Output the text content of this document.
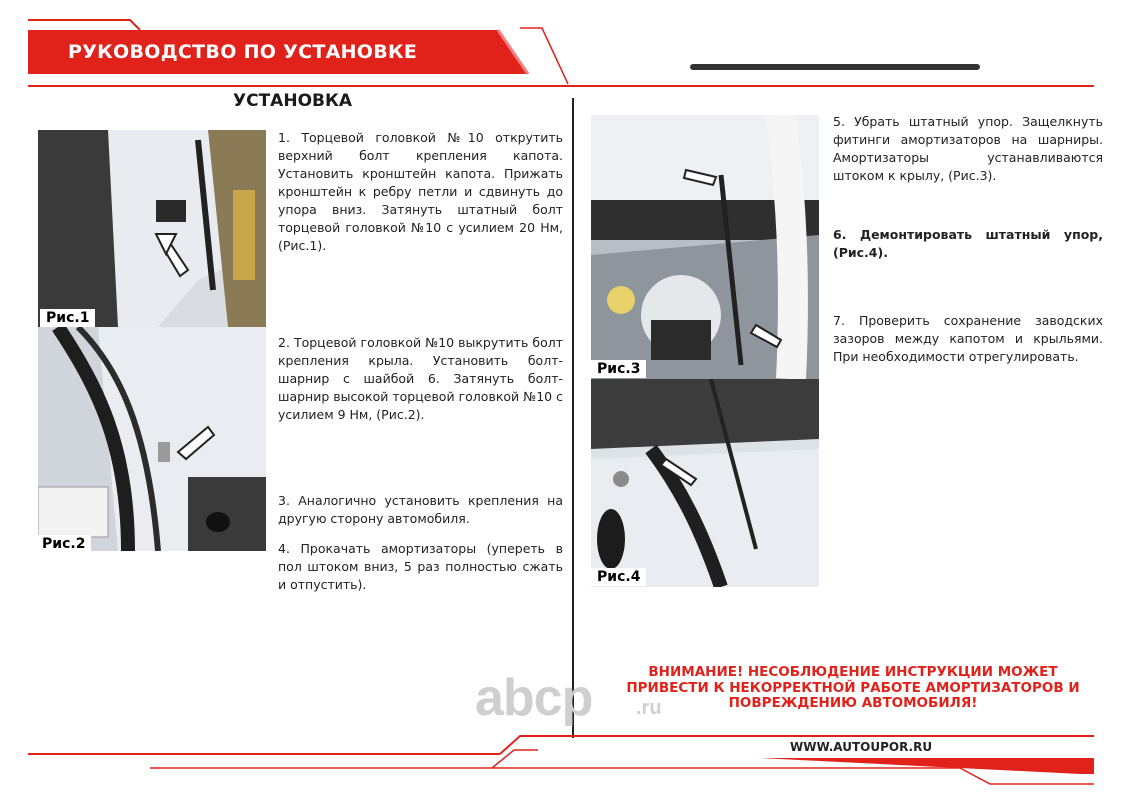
РУКОВОДСТВО ПО УСТАНОВКЕ
УСТАНОВКА
Рис.1
Рис.2
Рис.3
Рис.4
1. Торцевой головкой №10 открутить верхний болт крепления капота. Установить кронштейн капота. Прижать кронштейн к ребру петли и сдвинуть до упора вниз. Затянуть штатный болт торцевой головкой №10 с усилием 20 Нм, (Рис.1).
2. Торцевой головкой №10 выкрутить болт крепления крыла. Установить болт-шарнир с шайбой 6. Затянуть болт-шарнир высокой торцевой головкой №10 с усилием 9 Нм, (Рис.2).
3. Аналогично установить крепления на другую сторону автомобиля.
4. Прокачать амортизаторы (упереть в пол штоком вниз, 5 раз полностью сжать и отпустить).
5. Убрать штатный упор. Защелкнуть фитинги амортизаторов на шарниры. Амортизаторы устанавливаются штоком к крылу, (Рис.3).
6. Демонтировать штатный упор, (Рис.4).
7. Проверить сохранение заводских зазоров между капотом и крыльями. При необходимости отрегулировать.
abcp .ru
ВНИМАНИЕ! НЕСОБЛЮДЕНИЕ ИНСТРУКЦИИ МОЖЕТ ПРИВЕСТИ К НЕКОРРЕКТНОЙ РАБОТЕ АМОРТИЗАТОРОВ И ПОВРЕЖДЕНИЮ АВТОМОБИЛЯ!
WWW.AUTOUPOR.RU
